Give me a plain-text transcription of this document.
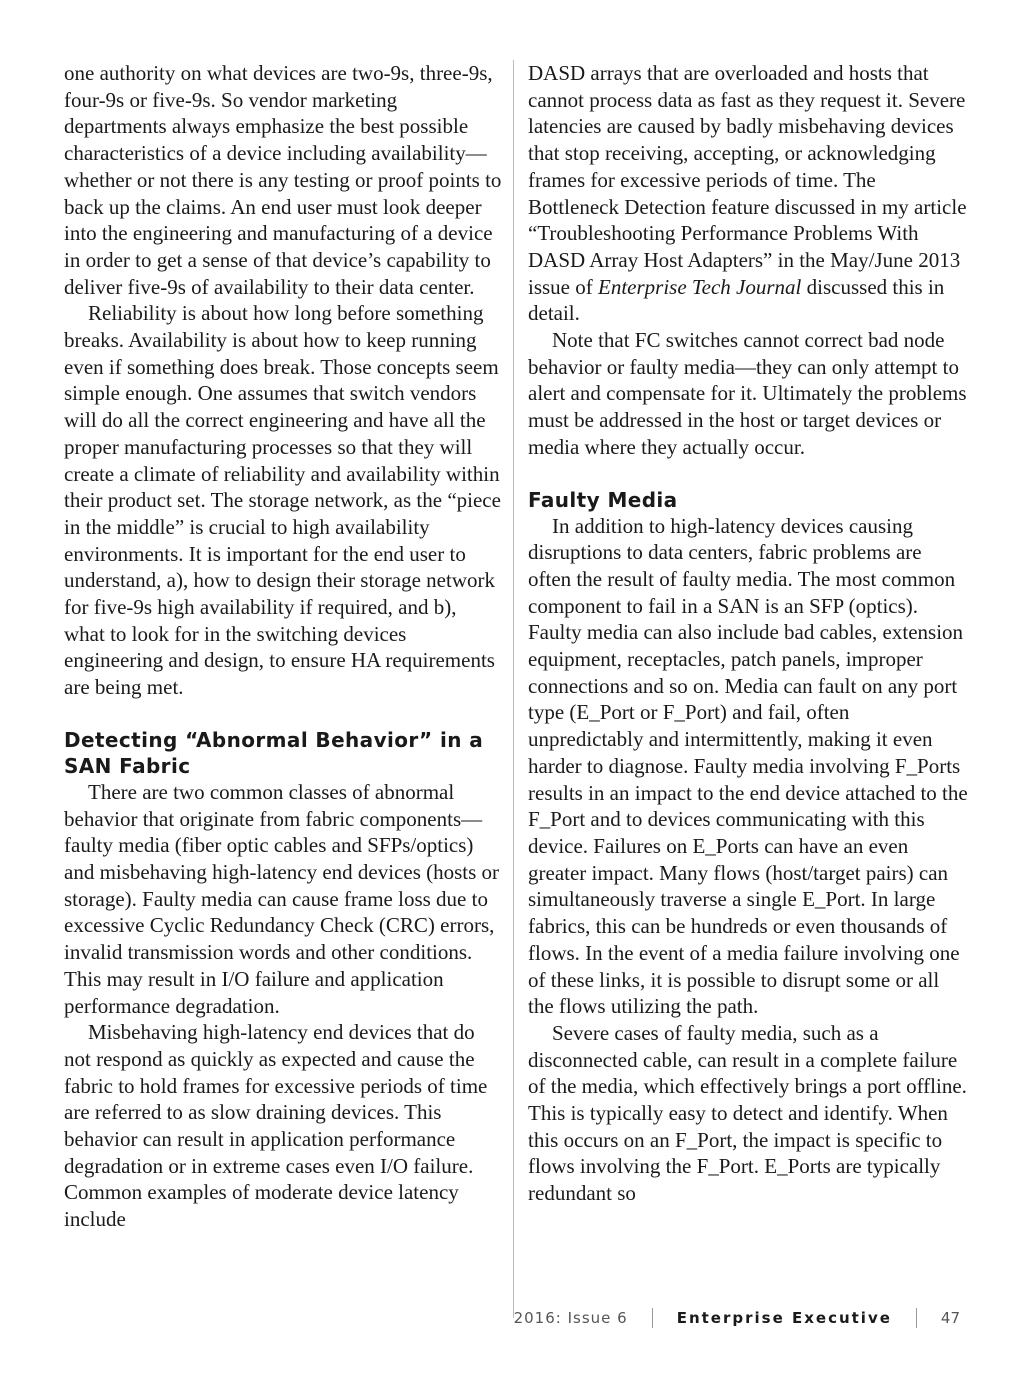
one authority on what devices are two-9s, three-9s, four-9s or five-9s. So vendor marketing departments always emphasize the best possible characteristics of a device including availability—whether or not there is any testing or proof points to back up the claims. An end user must look deeper into the engineering and manufacturing of a device in order to get a sense of that device’s capability to deliver five-9s of availability to their data center.

Reliability is about how long before something breaks. Availability is about how to keep running even if something does break. Those concepts seem simple enough. One assumes that switch vendors will do all the correct engineering and have all the proper manufacturing processes so that they will create a climate of reliability and availability within their product set. The storage network, as the “piece in the middle” is crucial to high availability environments. It is important for the end user to understand, a), how to design their storage network for five-9s high availability if required, and b), what to look for in the switching devices engineering and design, to ensure HA requirements are being met.

Detecting “Abnormal Behavior” in a SAN Fabric

There are two common classes of abnormal behavior that originate from fabric components—faulty media (fiber optic cables and SFPs/optics) and misbehaving high-latency end devices (hosts or storage). Faulty media can cause frame loss due to excessive Cyclic Redundancy Check (CRC) errors, invalid transmission words and other conditions. This may result in I/O failure and application performance degradation.

Misbehaving high-latency end devices that do not respond as quickly as expected and cause the fabric to hold frames for excessive periods of time are referred to as slow draining devices. This behavior can result in application performance degradation or in extreme cases even I/O failure. Common examples of moderate device latency include

DASD arrays that are overloaded and hosts that cannot process data as fast as they request it. Severe latencies are caused by badly misbehaving devices that stop receiving, accepting, or acknowledging frames for excessive periods of time. The Bottleneck Detection feature discussed in my article “Troubleshooting Performance Problems With DASD Array Host Adapters” in the May/June 2013 issue of Enterprise Tech Journal discussed this in detail.

Note that FC switches cannot correct bad node behavior or faulty media—they can only attempt to alert and compensate for it. Ultimately the problems must be addressed in the host or target devices or media where they actually occur.

Faulty Media

In addition to high-latency devices causing disruptions to data centers, fabric problems are often the result of faulty media. The most common component to fail in a SAN is an SFP (optics). Faulty media can also include bad cables, extension equipment, receptacles, patch panels, improper connections and so on. Media can fault on any port type (E_Port or F_Port) and fail, often unpredictably and intermittently, making it even harder to diagnose. Faulty media involving F_Ports results in an impact to the end device attached to the F_Port and to devices communicating with this device. Failures on E_Ports can have an even greater impact. Many flows (host/target pairs) can simultaneously traverse a single E_Port. In large fabrics, this can be hundreds or even thousands of flows. In the event of a media failure involving one of these links, it is possible to disrupt some or all the flows utilizing the path.

Severe cases of faulty media, such as a disconnected cable, can result in a complete failure of the media, which effectively brings a port offline. This is typically easy to detect and identify. When this occurs on an F_Port, the impact is specific to flows involving the F_Port. E_Ports are typically redundant so

2016: Issue 6	Enterprise Executive	47
